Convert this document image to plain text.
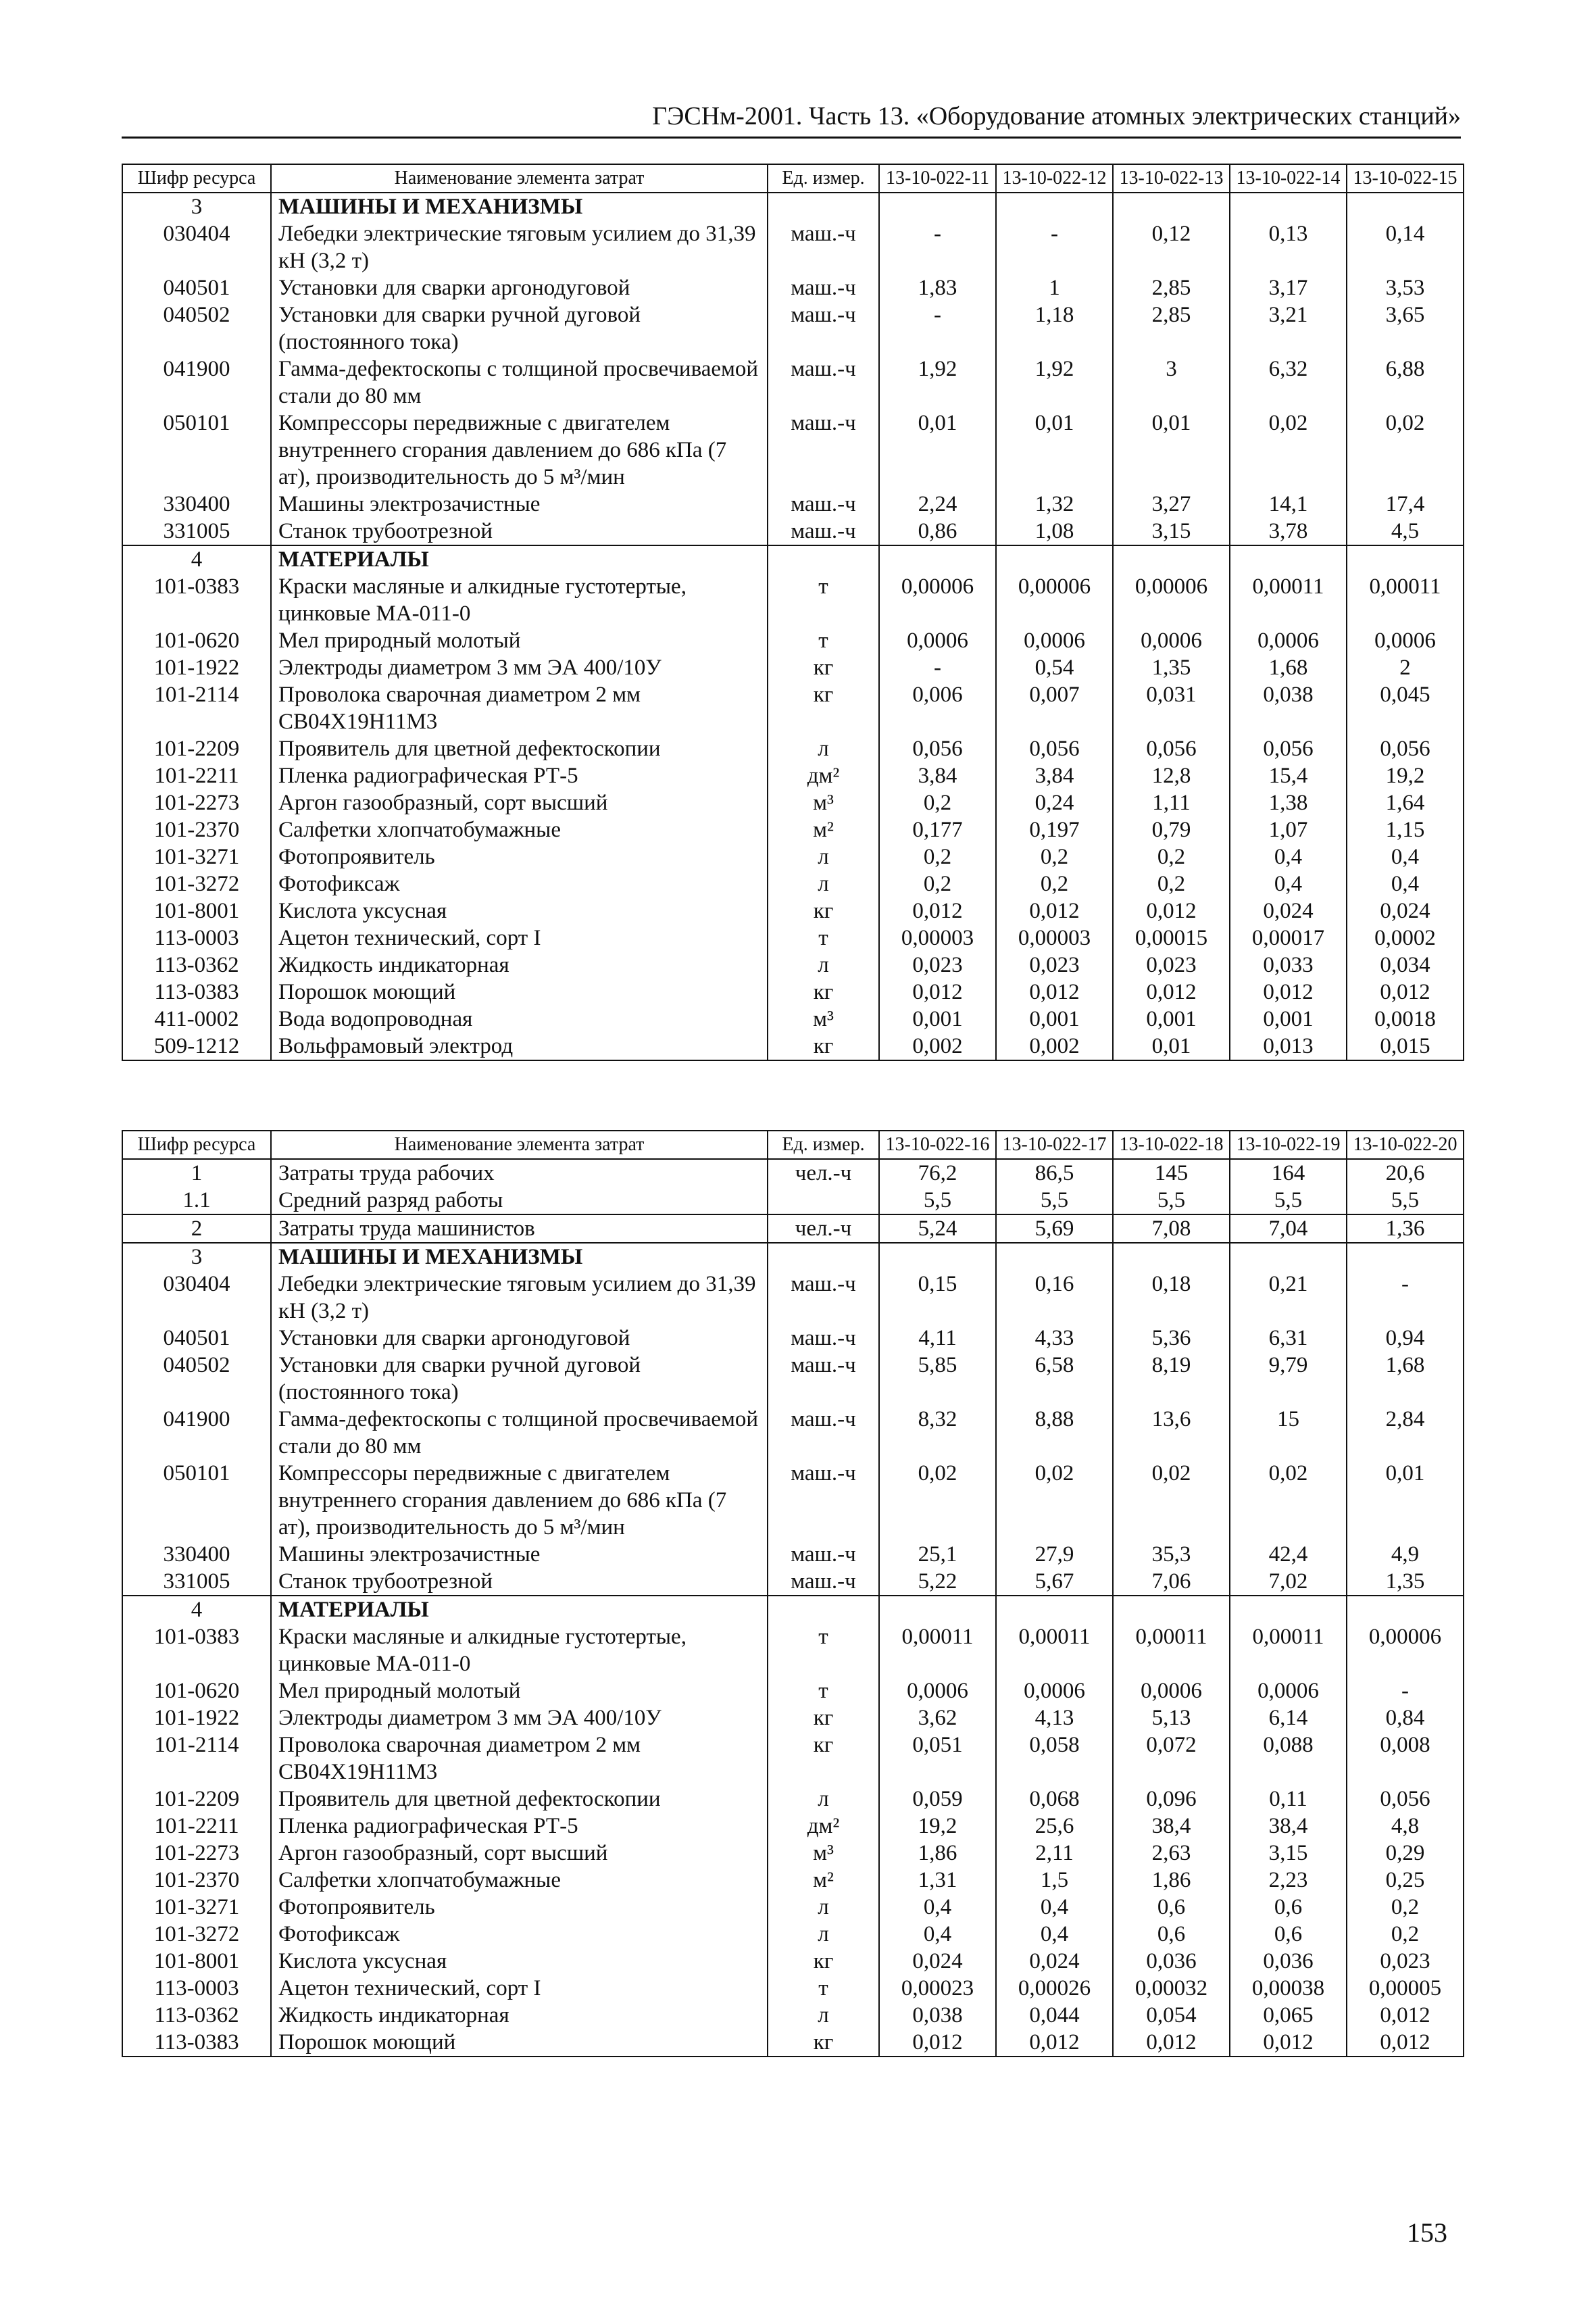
ГЭСНм-2001. Часть 13. «Оборудование атомных электрических станций»
Шифр ресурса	Наименование элемента затрат	Ед. измер.	13-10-022-11	13-10-022-12	13-10-022-13	13-10-022-14	13-10-022-15
3	МАШИНЫ И МЕХАНИЗМЫ						
030404	Лебедки электрические тяговым усилием до 31,39 кН (3,2 т)	маш.-ч	-	-	0,12	0,13	0,14
040501	Установки для сварки аргонодуговой	маш.-ч	1,83	1	2,85	3,17	3,53
040502	Установки для сварки ручной дуговой (постоянного тока)	маш.-ч	-	1,18	2,85	3,21	3,65
041900	Гамма-дефектоскопы с толщиной просвечиваемой стали до 80 мм	маш.-ч	1,92	1,92	3	6,32	6,88
050101	Компрессоры передвижные с двигателем внутреннего сгорания давлением до 686 кПа (7 ат), производительность до 5 м³/мин	маш.-ч	0,01	0,01	0,01	0,02	0,02
330400	Машины электрозачистные	маш.-ч	2,24	1,32	3,27	14,1	17,4
331005	Станок трубоотрезной	маш.-ч	0,86	1,08	3,15	3,78	4,5
4	МАТЕРИАЛЫ						
101-0383	Краски масляные и алкидные густотертые, цинковые МА-011-0	т	0,00006	0,00006	0,00006	0,00011	0,00011
101-0620	Мел природный молотый	т	0,0006	0,0006	0,0006	0,0006	0,0006
101-1922	Электроды диаметром 3 мм ЭА 400/10У	кг	-	0,54	1,35	1,68	2
101-2114	Проволока сварочная диаметром 2 мм СВ04Х19Н11М3	кг	0,006	0,007	0,031	0,038	0,045
101-2209	Проявитель для цветной дефектоскопии	л	0,056	0,056	0,056	0,056	0,056
101-2211	Пленка радиографическая РТ-5	дм²	3,84	3,84	12,8	15,4	19,2
101-2273	Аргон газообразный, сорт высший	м³	0,2	0,24	1,11	1,38	1,64
101-2370	Салфетки хлопчатобумажные	м²	0,177	0,197	0,79	1,07	1,15
101-3271	Фотопроявитель	л	0,2	0,2	0,2	0,4	0,4
101-3272	Фотофиксаж	л	0,2	0,2	0,2	0,4	0,4
101-8001	Кислота уксусная	кг	0,012	0,012	0,012	0,024	0,024
113-0003	Ацетон технический, сорт I	т	0,00003	0,00003	0,00015	0,00017	0,0002
113-0362	Жидкость индикаторная	л	0,023	0,023	0,023	0,033	0,034
113-0383	Порошок моющий	кг	0,012	0,012	0,012	0,012	0,012
411-0002	Вода водопроводная	м³	0,001	0,001	0,001	0,001	0,0018
509-1212	Вольфрамовый электрод	кг	0,002	0,002	0,01	0,013	0,015
Шифр ресурса	Наименование элемента затрат	Ед. измер.	13-10-022-16	13-10-022-17	13-10-022-18	13-10-022-19	13-10-022-20
1	Затраты труда рабочих	чел.-ч	76,2	86,5	145	164	20,6
1.1	Средний разряд работы		5,5	5,5	5,5	5,5	5,5
2	Затраты труда машинистов	чел.-ч	5,24	5,69	7,08	7,04	1,36
3	МАШИНЫ И МЕХАНИЗМЫ						
030404	Лебедки электрические тяговым усилием до 31,39 кН (3,2 т)	маш.-ч	0,15	0,16	0,18	0,21	-
040501	Установки для сварки аргонодуговой	маш.-ч	4,11	4,33	5,36	6,31	0,94
040502	Установки для сварки ручной дуговой (постоянного тока)	маш.-ч	5,85	6,58	8,19	9,79	1,68
041900	Гамма-дефектоскопы с толщиной просвечиваемой стали до 80 мм	маш.-ч	8,32	8,88	13,6	15	2,84
050101	Компрессоры передвижные с двигателем внутреннего сгорания давлением до 686 кПа (7 ат), производительность до 5 м³/мин	маш.-ч	0,02	0,02	0,02	0,02	0,01
330400	Машины электрозачистные	маш.-ч	25,1	27,9	35,3	42,4	4,9
331005	Станок трубоотрезной	маш.-ч	5,22	5,67	7,06	7,02	1,35
4	МАТЕРИАЛЫ						
101-0383	Краски масляные и алкидные густотертые, цинковые МА-011-0	т	0,00011	0,00011	0,00011	0,00011	0,00006
101-0620	Мел природный молотый	т	0,0006	0,0006	0,0006	0,0006	-
101-1922	Электроды диаметром 3 мм ЭА 400/10У	кг	3,62	4,13	5,13	6,14	0,84
101-2114	Проволока сварочная диаметром 2 мм СВ04Х19Н11М3	кг	0,051	0,058	0,072	0,088	0,008
101-2209	Проявитель для цветной дефектоскопии	л	0,059	0,068	0,096	0,11	0,056
101-2211	Пленка радиографическая РТ-5	дм²	19,2	25,6	38,4	38,4	4,8
101-2273	Аргон газообразный, сорт высший	м³	1,86	2,11	2,63	3,15	0,29
101-2370	Салфетки хлопчатобумажные	м²	1,31	1,5	1,86	2,23	0,25
101-3271	Фотопроявитель	л	0,4	0,4	0,6	0,6	0,2
101-3272	Фотофиксаж	л	0,4	0,4	0,6	0,6	0,2
101-8001	Кислота уксусная	кг	0,024	0,024	0,036	0,036	0,023
113-0003	Ацетон технический, сорт I	т	0,00023	0,00026	0,00032	0,00038	0,00005
113-0362	Жидкость индикаторная	л	0,038	0,044	0,054	0,065	0,012
113-0383	Порошок моющий	кг	0,012	0,012	0,012	0,012	0,012
153
